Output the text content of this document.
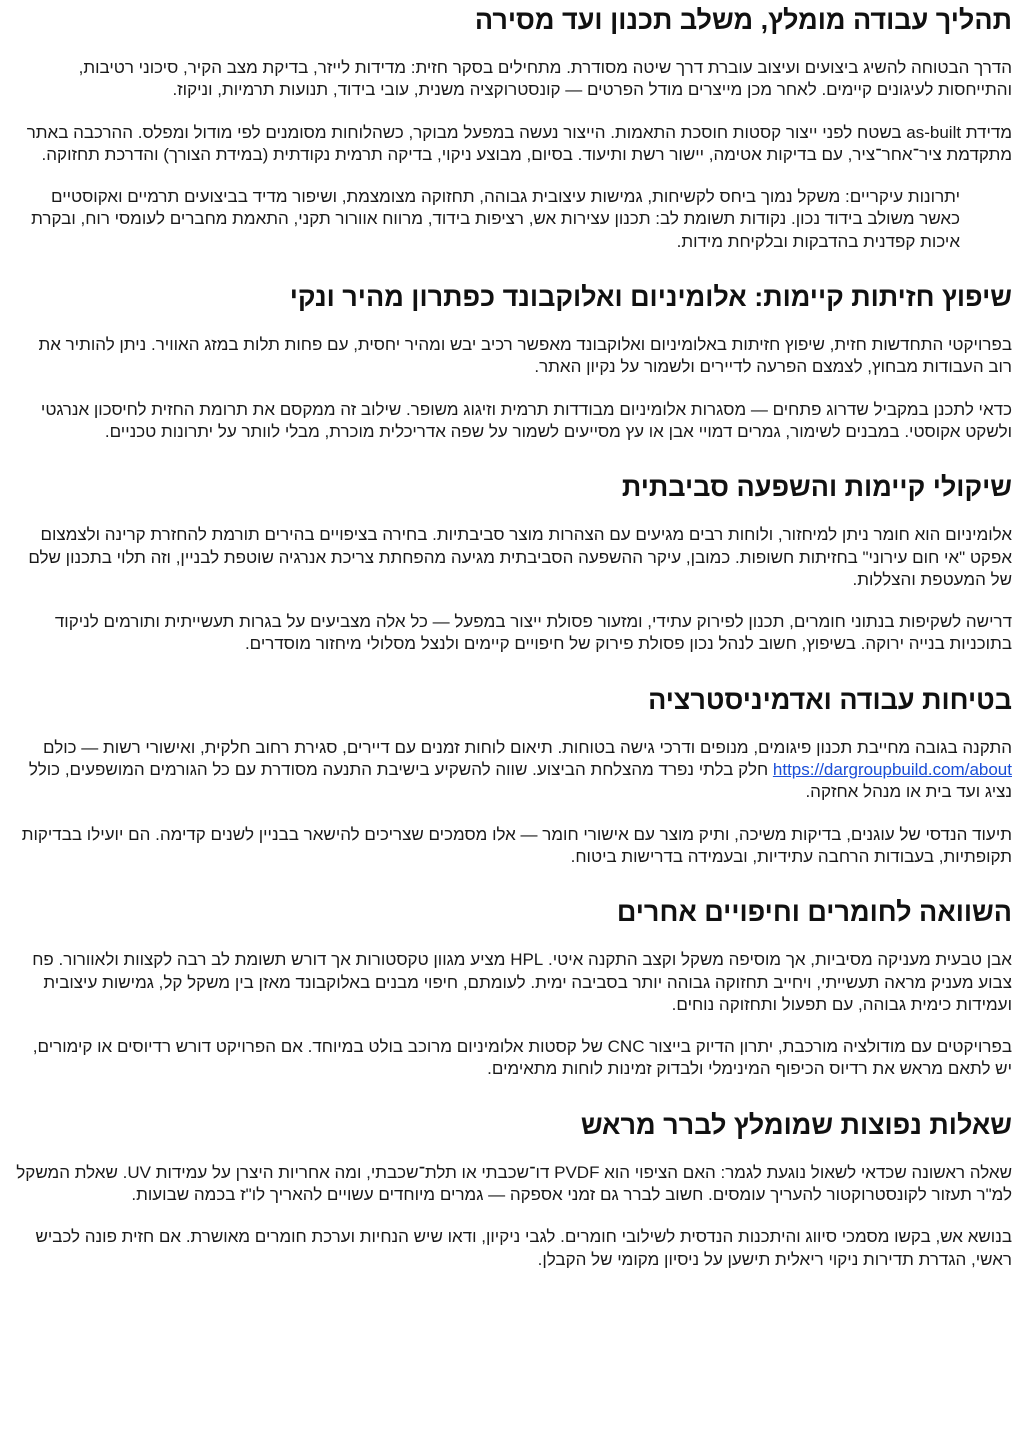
תהליך עבודה מומלץ, משלב תכנון ועד מסירה

הדרך הבטוחה להשיג ביצועים ועיצוב עוברת דרך שיטה מסודרת. מתחילים בסקר חזית: מדידות לייזר, בדיקת מצב הקיר, סיכוני רטיבות, והתייחסות לעיגונים קיימים. לאחר מכן מייצרים מודל הפרטים — קונסטרוקציה משנית, עובי בידוד, תנועות תרמיות, וניקוז.

מדידת as-built בשטח לפני ייצור קסטות חוסכת התאמות. הייצור נעשה במפעל מבוקר, כשהלוחות מסומנים לפי מודול ומפלס. ההרכבה באתר מתקדמת ציר־אחר־ציר, עם בדיקות אטימה, יישור רשת ותיעוד. בסיום, מבוצע ניקוי, בדיקה תרמית נקודתית (במידת הצורך) והדרכת תחזוקה.

יתרונות עיקריים: משקל נמוך ביחס לקשיחות, גמישות עיצובית גבוהה, תחזוקה מצומצמת, ושיפור מדיד בביצועים תרמיים ואקוסטיים כאשר משולב בידוד נכון. נקודות תשומת לב: תכנון עצירות אש, רציפות בידוד, מרווח אוורור תקני, התאמת מחברים לעומסי רוח, ובקרת איכות קפדנית בהדבקות ובלקיחת מידות.

שיפוץ חזיתות קיימות: אלומיניום ואלוקבונד כפתרון מהיר ונקי

בפרויקטי התחדשות חזית, שיפוץ חזיתות באלומיניום ואלוקבונד מאפשר רכיב יבש ומהיר יחסית, עם פחות תלות במזג האוויר. ניתן להותיר את רוב העבודות מבחוץ, לצמצם הפרעה לדיירים ולשמור על נקיון האתר.

כדאי לתכנן במקביל שדרוג פתחים — מסגרות אלומיניום מבודדות תרמית וזיגוג משופר. שילוב זה ממקסם את תרומת החזית לחיסכון אנרגטי ולשקט אקוסטי. במבנים לשימור, גמרים דמויי אבן או עץ מסייעים לשמור על שפה אדריכלית מוכרת, מבלי לוותר על יתרונות טכניים.

שיקולי קיימות והשפעה סביבתית

אלומיניום הוא חומר ניתן למיחזור, ולוחות רבים מגיעים עם הצהרות מוצר סביבתיות. בחירה בציפויים בהירים תורמת להחזרת קרינה ולצמצום אפקט "אי חום עירוני" בחזיתות חשופות. כמובן, עיקר ההשפעה הסביבתית מגיעה מהפחתת צריכת אנרגיה שוטפת לבניין, וזה תלוי בתכנון שלם של המעטפת והצללות.

דרישה לשקיפות בנתוני חומרים, תכנון לפירוק עתידי, ומזעור פסולת ייצור במפעל — כל אלה מצביעים על בגרות תעשייתית ותורמים לניקוד בתוכניות בנייה ירוקה. בשיפוץ, חשוב לנהל נכון פסולת פירוק של חיפויים קיימים ולנצל מסלולי מיחזור מוסדרים.

בטיחות עבודה ואדמיניסטרציה

התקנה בגובה מחייבת תכנון פיגומים, מנופים ודרכי גישה בטוחות. תיאום לוחות זמנים עם דיירים, סגירת רחוב חלקית, ואישורי רשות — כולם https://dargroupbuild.com/about חלק בלתי נפרד מהצלחת הביצוע. שווה להשקיע בישיבת התנעה מסודרת עם כל הגורמים המושפעים, כולל נציג ועד בית או מנהל אחזקה.

תיעוד הנדסי של עוגנים, בדיקות משיכה, ותיק מוצר עם אישורי חומר — אלו מסמכים שצריכים להישאר בבניין לשנים קדימה. הם יועילו בבדיקות תקופתיות, בעבודות הרחבה עתידיות, ובעמידה בדרישות ביטוח.

השוואה לחומרים וחיפויים אחרים

אבן טבעית מעניקה מסיביות, אך מוסיפה משקל וקצב התקנה איטי. HPL מציע מגוון טקסטורות אך דורש תשומת לב רבה לקצוות ולאוורור. פח צבוע מעניק מראה תעשייתי, ויחייב תחזוקה גבוהה יותר בסביבה ימית. לעומתם, חיפוי מבנים באלוקבונד מאזן בין משקל קל, גמישות עיצובית ועמידות כימית גבוהה, עם תפעול ותחזוקה נוחים.

בפרויקטים עם מודולציה מורכבת, יתרון הדיוק בייצור CNC של קסטות אלומיניום מרוכב בולט במיוחד. אם הפרויקט דורש רדיוסים או קימורים, יש לתאם מראש את רדיוס הכיפוף המינימלי ולבדוק זמינות לוחות מתאימים.

שאלות נפוצות שמומלץ לברר מראש

שאלה ראשונה שכדאי לשאול נוגעת לגמר: האם הציפוי הוא PVDF דו־שכבתי או תלת־שכבתי, ומה אחריות היצרן על עמידות UV. שאלת המשקל למ"ר תעזור לקונסטרוקטור להעריך עומסים. חשוב לברר גם זמני אספקה — גמרים מיוחדים עשויים להאריך לו"ז בכמה שבועות.

בנושא אש, בקשו מסמכי סיווג והיתכנות הנדסית לשילובי חומרים. לגבי ניקיון, ודאו שיש הנחיות וערכת חומרים מאושרת. אם חזית פונה לכביש ראשי, הגדרת תדירות ניקוי ריאלית תישען על ניסיון מקומי של הקבלן.
